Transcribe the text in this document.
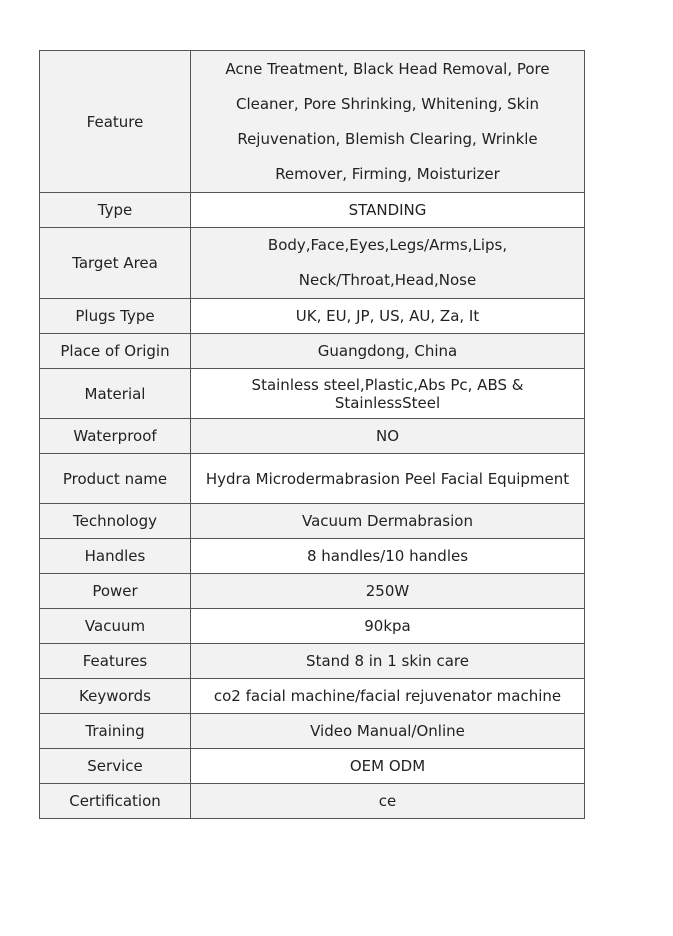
Feature	Acne Treatment, Black Head Removal, Pore Cleaner, Pore Shrinking, Whitening, Skin Rejuvenation, Blemish Clearing, Wrinkle Remover, Firming, Moisturizer
Type	STANDING
Target Area	Body,Face,Eyes,Legs/Arms,Lips, Neck/Throat,Head,Nose
Plugs Type	UK, EU, JP, US, AU, Za, It
Place of Origin	Guangdong, China
Material	Stainless steel,Plastic,Abs Pc, ABS & StainlessSteel
Waterproof	NO
Product name	Hydra Microdermabrasion Peel Facial Equipment
Technology	Vacuum Dermabrasion
Handles	8 handles/10 handles
Power	250W
Vacuum	90kpa
Features	Stand 8 in 1 skin care
Keywords	co2 facial machine/facial rejuvenator machine
Training	Video Manual/Online
Service	OEM ODM
Certification	ce
